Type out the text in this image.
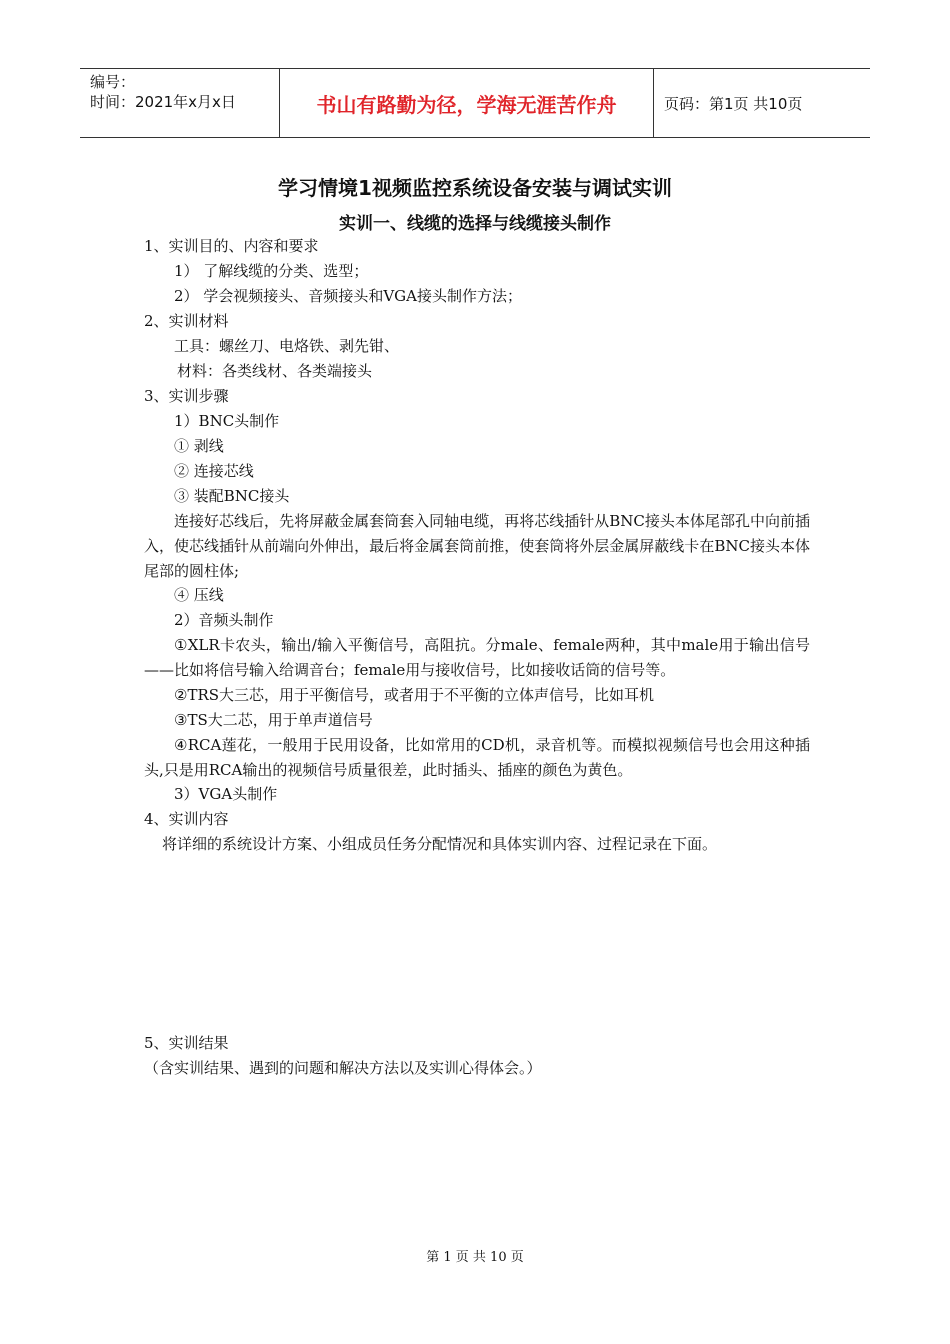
编号：
时间：2021年x月x日	书山有路勤为径，学海无涯苦作舟	页码：第1页 共10页
学习情境1视频监控系统设备安装与调试实训
实训一、线缆的选择与线缆接头制作
1、实训目的、内容和要求
1） 了解线缆的分类、选型；
2） 学会视频接头、音频接头和VGA接头制作方法；
2、实训材料
工具：螺丝刀、电烙铁、剥先钳、
材料：各类线材、各类端接头
3、实训步骤
1）BNC头制作
① 剥线
② 连接芯线
③ 装配BNC接头
连接好芯线后，先将屏蔽金属套筒套入同轴电缆，再将芯线插针从BNC接头本体尾部孔中向前插入，使芯线插针从前端向外伸出，最后将金属套筒前推，使套筒将外层金属屏蔽线卡在BNC接头本体尾部的圆柱体;
④ 压线
2）音频头制作
①XLR卡农头，输出/输入平衡信号，高阻抗。分male、female两种，其中male用于输出信号——比如将信号输入给调音台；female用与接收信号，比如接收话筒的信号等。
②TRS大三芯，用于平衡信号，或者用于不平衡的立体声信号，比如耳机
③TS大二芯，用于单声道信号
④RCA莲花，一般用于民用设备，比如常用的CD机，录音机等。而模拟视频信号也会用这种插头,只是用RCA输出的视频信号质量很差，此时插头、插座的颜色为黄色。
3）VGA头制作
4、实训内容
将详细的系统设计方案、小组成员任务分配情况和具体实训内容、过程记录在下面。
5、实训结果
（含实训结果、遇到的问题和解决方法以及实训心得体会。）
第 1 页 共 10 页
